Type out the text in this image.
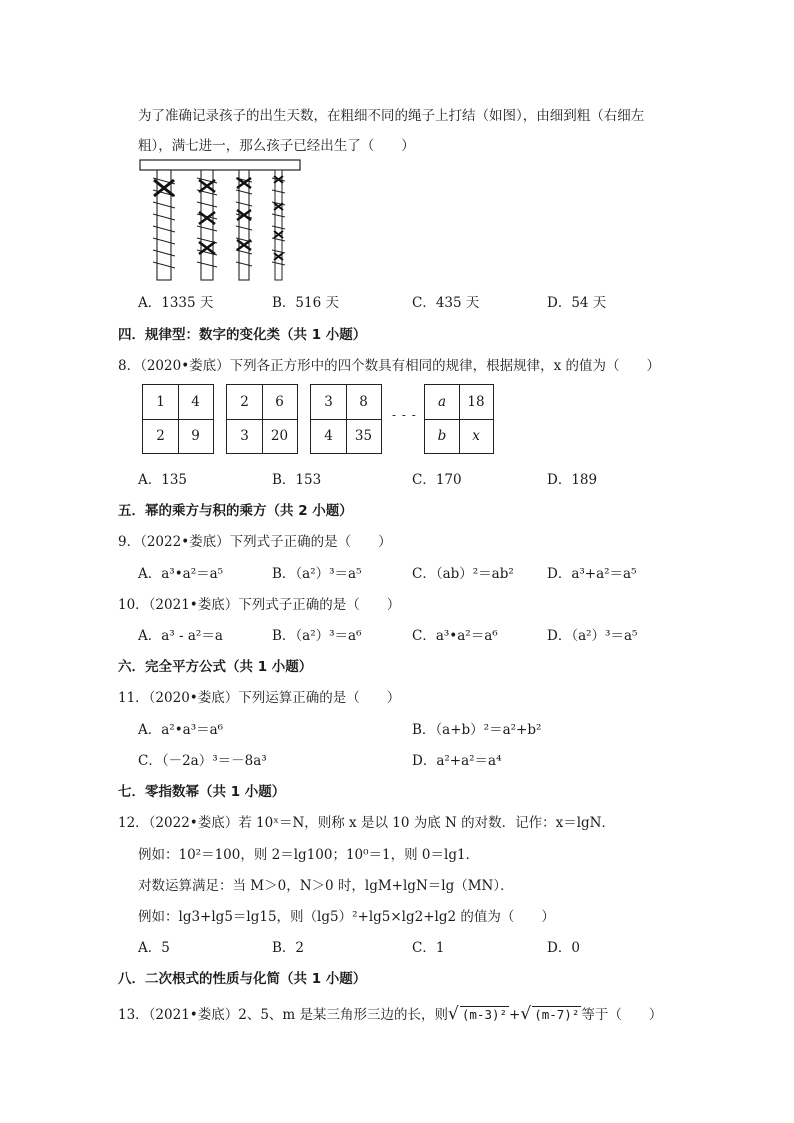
为了准确记录孩子的出生天数，在粗细不同的绳子上打结（如图），由细到粗（右细左
粗），满七进一，那么孩子已经出生了（　　）
A．1335 天	B．516 天	C．435 天	D．54 天
四．规律型：数字的变化类（共 1 小题）
8．（2020•娄底）下列各正方形中的四个数具有相同的规律，根据规律，x 的值为（　　）
1	4
2	9
2	6
3	20
3	8
4	35
- - -
a	18
b	x
A．135	B．153	C．170	D．189
五．幂的乘方与积的乘方（共 2 小题）
9．（2022•娄底）下列式子正确的是（　　）
A．a³•a²＝a⁵	B．（a²）³＝a⁵	C．（ab）²＝ab² D．a³+a²＝a⁵
10．（2021•娄底）下列式子正确的是（　　）
A．a³ - a²＝a	B．（a²）³＝a⁶	C．a³•a²＝a⁶	D．（a²）³＝a⁵
六．完全平方公式（共 1 小题）
11．（2020•娄底）下列运算正确的是（　　）
A．a²•a³＝a⁶	B．（a+b）²＝a²+b²
C．（－2a）³＝－8a³	D．a²+a²＝a⁴
七．零指数幂（共 1 小题）
12．（2022•娄底）若 10ˣ＝N，则称 x 是以 10 为底 N 的对数．记作：x＝lgN．
例如：10²＝100，则 2＝lg100；10⁰＝1，则 0＝lg1．
对数运算满足：当 M＞0，N＞0 时，lgM+lgN＝lg（MN）．
例如：lg3+lg5＝lg15，则（lg5）²+lg5×lg2+lg2 的值为（　　）
A．5	B．2	C．1	D．0
八．二次根式的性质与化简（共 1 小题）
13．（2021•娄底）2、5、m 是某三角形三边的长，则√ (m-3)² +√ (m-7)² 等于（　　）
